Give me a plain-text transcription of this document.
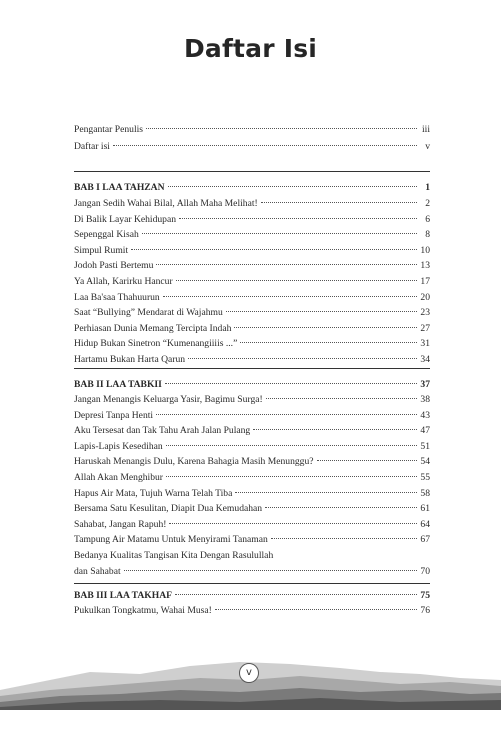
Daftar Isi
Pengantar Penulis	iii
Daftar isi	v
BAB I LAA TAHZAN	1
Jangan Sedih Wahai Bilal, Allah Maha Melihat!	2
Di Balik Layar Kehidupan	6
Sepenggal Kisah	8
Simpul Rumit	10
Jodoh Pasti Bertemu	13
Ya Allah, Karirku Hancur	17
Laa Ba'saa Thahuurun	20
Saat “Bullying” Mendarat di Wajahmu	23
Perhiasan Dunia Memang Tercipta Indah	27
Hidup Bukan Sinetron “Kumenangiiiis ...”	31
Hartamu Bukan Harta Qarun	34
BAB II LAA TABKII	37
Jangan Menangis Keluarga Yasir, Bagimu Surga!	38
Depresi Tanpa Henti	43
Aku Tersesat dan Tak Tahu Arah Jalan Pulang	47
Lapis-Lapis Kesedihan	51
Haruskah Menangis Dulu, Karena Bahagia Masih Menunggu?	54
Allah Akan Menghibur	55
Hapus Air Mata, Tujuh Warna Telah Tiba	58
Bersama Satu Kesulitan, Diapit Dua Kemudahan	61
Sahabat, Jangan Rapuh!	64
Tampung Air Matamu Untuk Menyirami Tanaman	67
Bedanya Kualitas Tangisan Kita Dengan Rasulullah
dan Sahabat	70
BAB III LAA TAKHAF	75
Pukulkan Tongkatmu, Wahai Musa!	76
v
